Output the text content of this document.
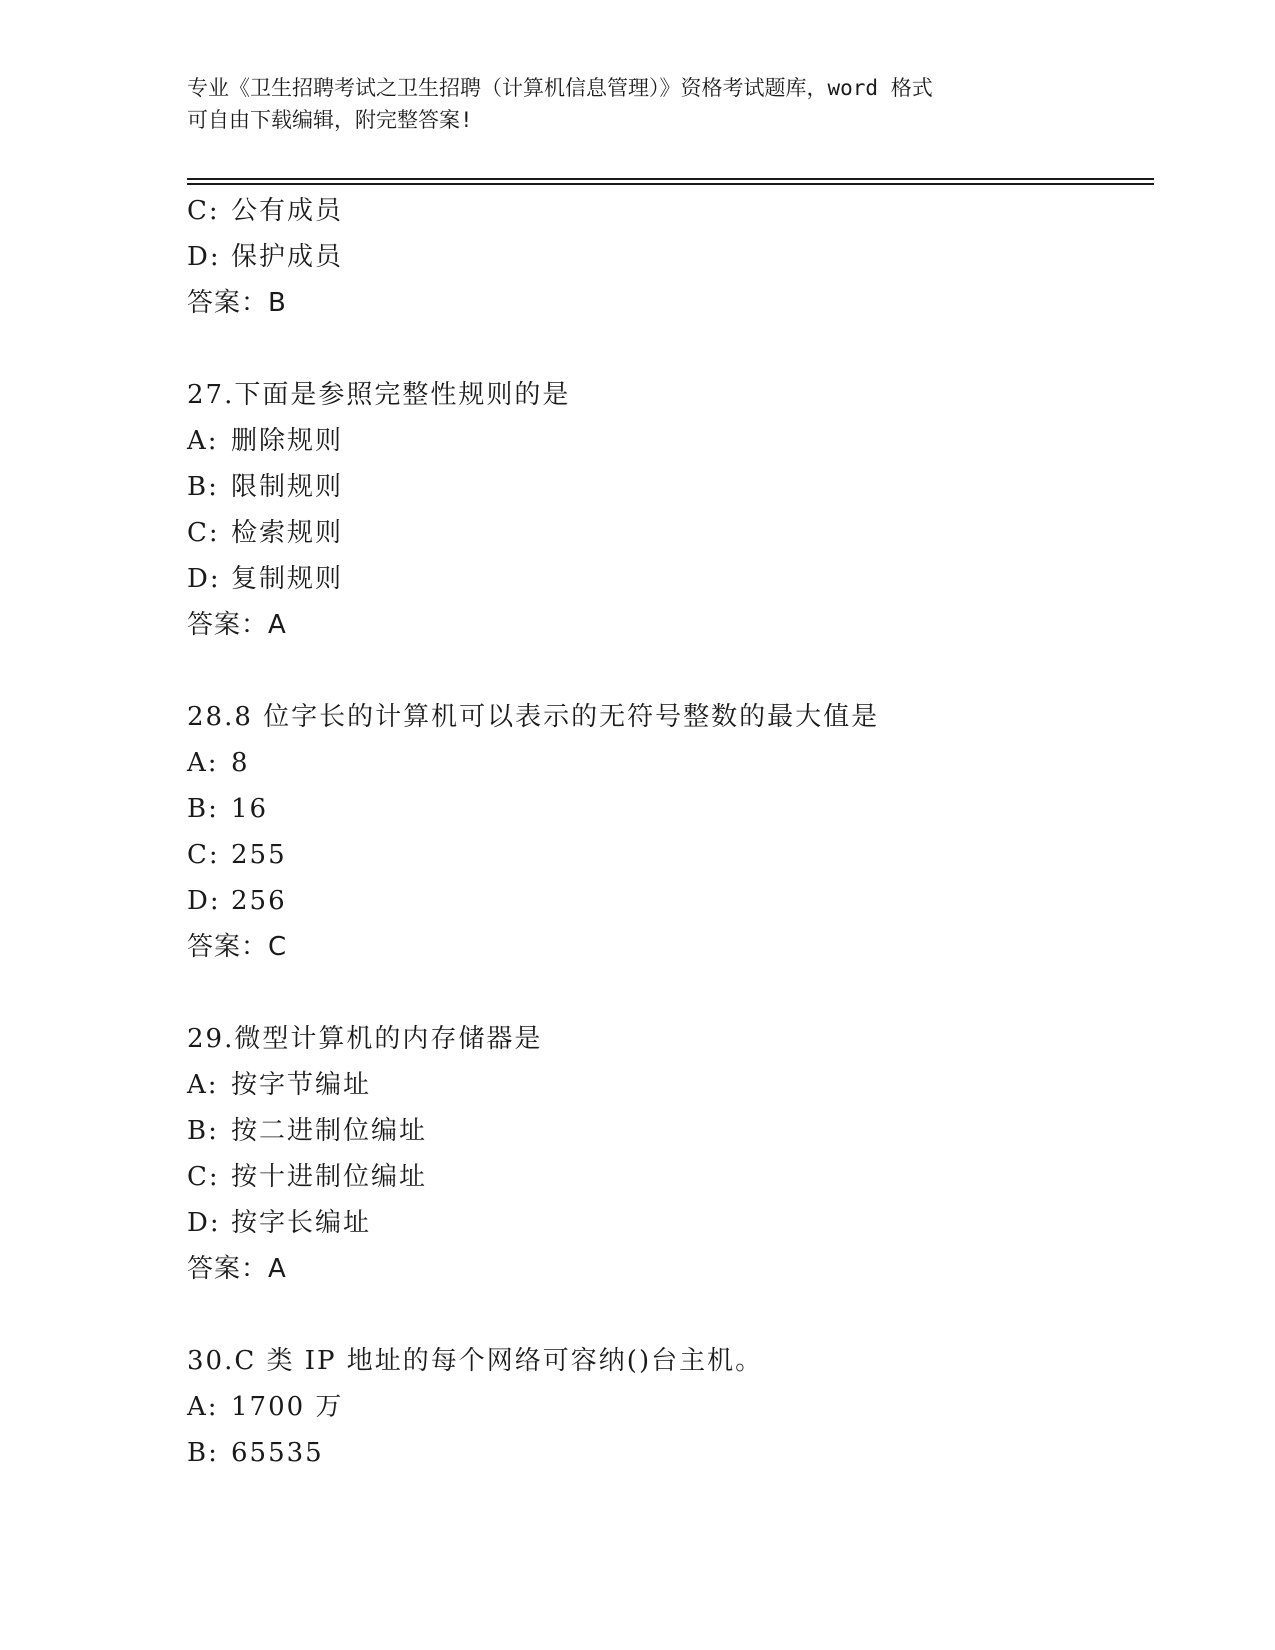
专业《卫生招聘考试之卫生招聘（计算机信息管理）》资格考试题库，word 格式
可自由下载编辑，附完整答案!
C: 公有成员
D: 保护成员
答案：B
27.下面是参照完整性规则的是
A: 删除规则
B: 限制规则
C: 检索规则
D: 复制规则
答案：A
28.8 位字长的计算机可以表示的无符号整数的最大值是
A: 8
B: 16
C: 255
D: 256
答案：C
29.微型计算机的内存储器是
A: 按字节编址
B: 按二进制位编址
C: 按十进制位编址
D: 按字长编址
答案：A
30.C 类 IP 地址的每个网络可容纳()台主机。
A: 1700 万
B: 65535
